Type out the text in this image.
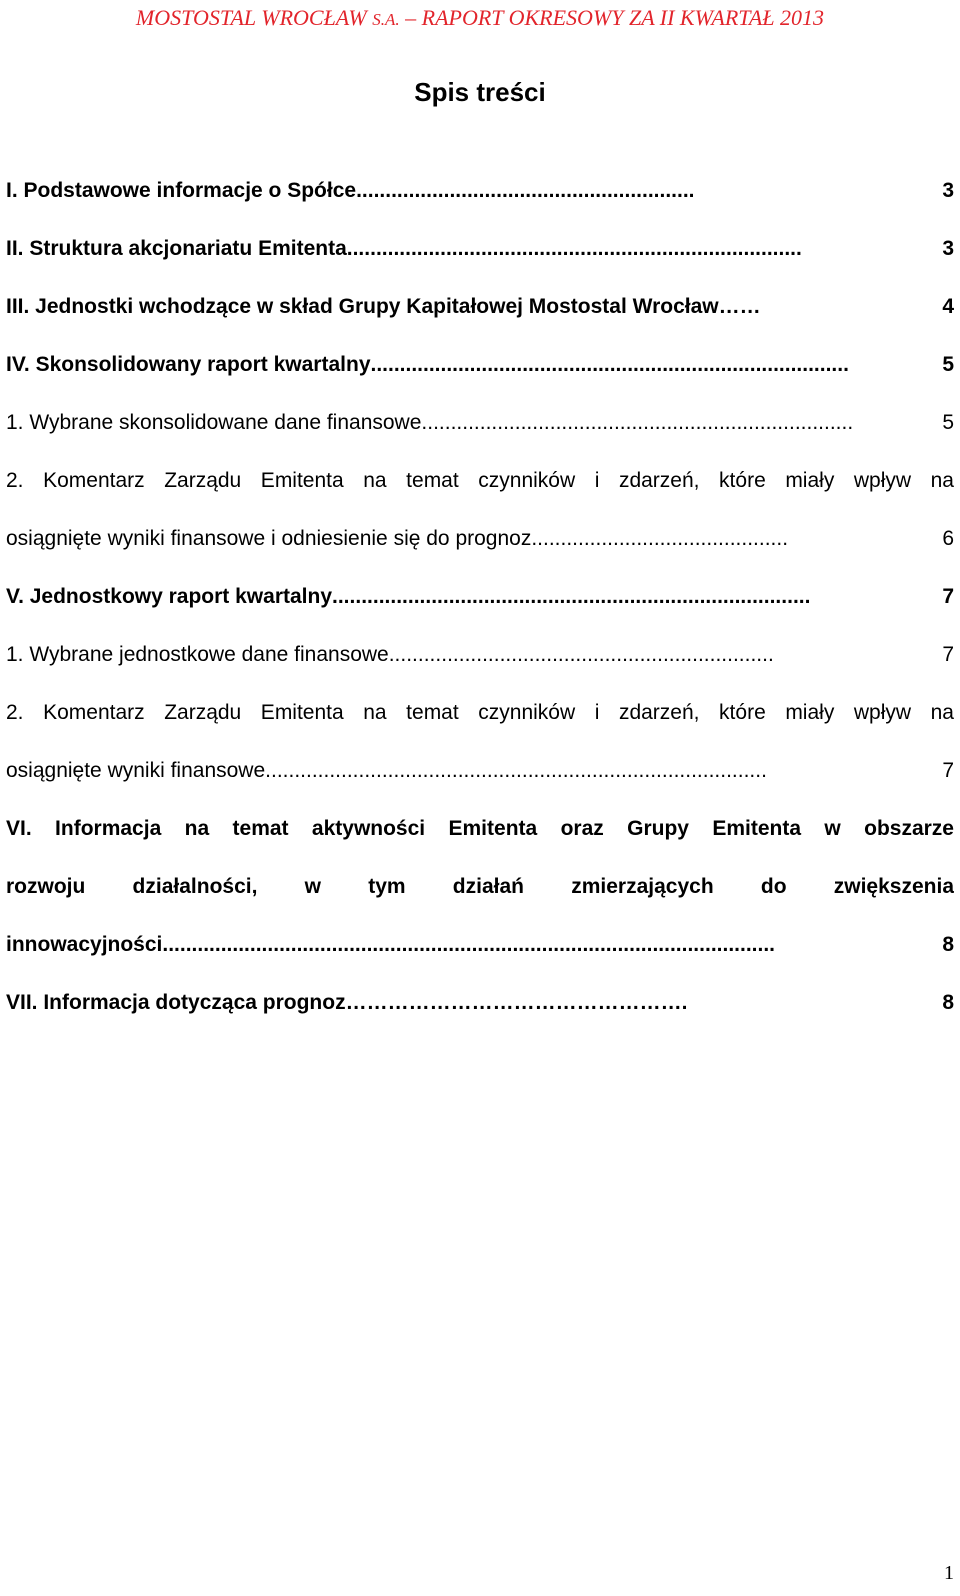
MOSTOSTAL WROCŁAW S.A. – RAPORT OKRESOWY ZA II KWARTAŁ 2013
Spis treści
I. Podstawowe informacje o Spółce ..........................................................	3
II. Struktura akcjonariatu Emitenta ..............................................................................	3
III. Jednostki wchodzące w skład Grupy Kapitałowej Mostostal Wrocław ……	4
IV. Skonsolidowany raport kwartalny ..................................................................................	5
1. Wybrane skonsolidowane dane finansowe ..........................................................................	5
2. Komentarz Zarządu Emitenta na temat czynników i zdarzeń, które miały wpływ na
osiągnięte wyniki finansowe i odniesienie się do prognoz ............................................	6
V. Jednostkowy raport kwartalny ..................................................................................	7
1. Wybrane jednostkowe dane finansowe ..................................................................	7
2. Komentarz Zarządu Emitenta na temat czynników i zdarzeń, które miały wpływ na
osiągnięte wyniki finansowe. .....................................................................................	7
VI. Informacja na temat aktywności Emitenta oraz Grupy Emitenta w obszarze
rozwoju działalności, w tym działań zmierzających do zwiększenia
innowacyjności .........................................................................................................	8
VII. Informacja dotycząca prognoz ………………………………………….	8
1
